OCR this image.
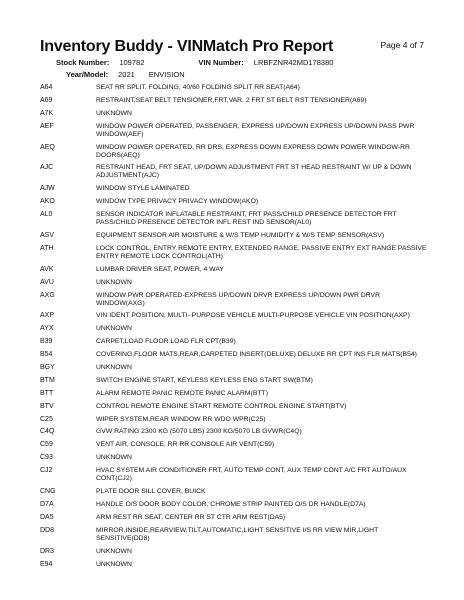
Inventory Buddy - VINMatch Pro Report	Page 4 of 7
Stock Number: 109782	VIN Number: LRBFZNR42MD178380
Year/Model: 2021 ENVISION
A64	SEAT RR SPLIT, FOLDING, 40/60 FOLDING SPLIT RR SEAT(A64)
A69	RESTRAINT,SEAT BELT TENSIONER,FRT,VAR. 2 FRT ST BELT RST TENSIONER(A69)
A7K	UNKNOWN
AEF	WINDOW POWER OPERATED, PASSENGER, EXPRESS UP/DOWN EXPRESS UP/DOWN PASS PWR WINDOW(AEF)
AEQ	WINDOW POWER OPERATED, RR DRS, EXPRESS DOWN EXPRESS DOWN POWER WINDOW-RR DOORS(AEQ)
AJC	RESTRAINT HEAD, FRT SEAT, UP/DOWN ADJUSTMENT FRT ST HEAD RESTRAINT W/ UP & DOWN ADJUSTMENT(AJC)
AJW	WINDOW STYLE LAMINATED
AKO	WINDOW TYPE PRIVACY PRIVACY WINDOW(AKO)
AL0	SENSOR INDICATOR INFLATABLE RESTRAINT, FRT PASS/CHILD PRESENCE DETECTOR FRT PASS/CHILD PRESENCE DETECTOR INFL REST IND SENSOR(AL0)
ASV	EQUIPMENT SENSOR AIR MOISTURE & W/S TEMP HUMIDITY & W/S TEMP SENSOR(ASV)
ATH	LOCK CONTROL, ENTRY REMOTE ENTRY, EXTENDED RANGE, PASSIVE ENTRY EXT RANGE PASSIVE ENTRY REMOTE LOCK CONTROL(ATH)
AVK	LUMBAR DRIVER SEAT, POWER, 4 WAY
AVU	UNKNOWN
AXG	WINDOW PWR OPERATED-EXPRESS UP/DOWN DRVR EXPRESS UP/DOWN PWR DRVR WINDOW(AXG)
AXP	VIN IDENT POSITION, MULTI- PURPOSE VEHICLE MULTI-PURPOSE VEHICLE VIN POSITION(AXP)
AYX	UNKNOWN
B39	CARPET,LOAD FLOOR LOAD FLR CPT(B39)
B54	COVERING,FLOOR MATS,REAR,CARPETED INSERT(DELUXE) DELUXE RR CPT INS FLR MATS(B54)
BGY	UNKNOWN
BTM	SWITCH ENGINE START, KEYLESS KEYLESS ENG START SW(BTM)
BTT	ALARM REMOTE PANIC REMOTE PANIC ALARM(BTT)
BTV	CONTROL REMOTE ENGINE START REMOTE CONTROL ENGINE START(BTV)
C25	WIPER SYSTEM,REAR WINDOW RR WDO WPR(C25)
C4Q	GVW RATING 2300 KG (5070 LBS) 2300 KG/5070 LB GVWR(C4Q)
C59	VENT AIR, CONSOLE, RR RR CONSOLE AIR VENT(C59)
C93	UNKNOWN
CJ2	HVAC SYSTEM AIR CONDITIONER FRT, AUTO TEMP CONT, AUX TEMP CONT A/C FRT AUTO/AUX CONT(CJ2)
CNG	PLATE DOOR SILL COVER, BUICK
D7A	HANDLE O/S DOOR BODY COLOR, CHROME STRIP PAINTED O/S DR HANDLE(D7A)
DA5	ARM REST RR SEAT, CENTER RR ST CTR ARM REST(DA5)
DD8	MIRROR,INSIDE,REARVIEW,TILT,AUTOMATIC,LIGHT SENSITIVE I/S RR VIEW MIR,LIGHT SENSITIVE(DD8)
DR3	UNKNOWN
E94	UNKNOWN
